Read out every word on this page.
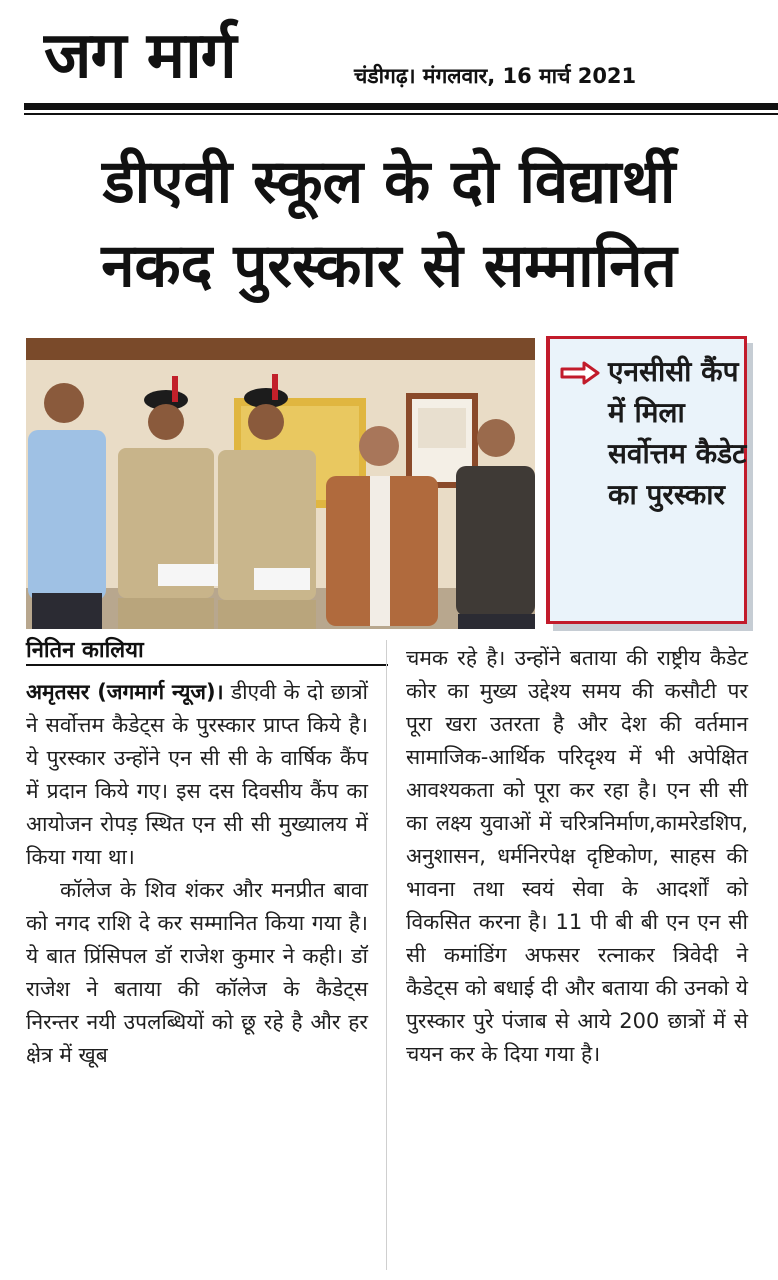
जग मार्ग	चंडीगढ़। मंगलवार, 16 मार्च 2021
डीएवी स्कूल के दो विद्यार्थी
नकद पुरस्कार से सम्मानित
एनसीसी कैंप में मिला सर्वोत्तम कैडेट का पुरस्कार
नितिन कालिया

अमृतसर (जगमार्ग न्यूज)। डीएवी के दो छात्रों ने सर्वोत्तम कैडेट्स के पुरस्कार प्राप्त किये है। ये पुरस्कार उन्होंने एन सी सी के वार्षिक कैंप में प्रदान किये गए। इस दस दिवसीय कैंप का आयोजन रोपड़ स्थित एन सी सी मुख्यालय में किया गया था।

कॉलेज के शिव शंकर और मनप्रीत बावा को नगद राशि दे कर सम्मानित किया गया है। ये बात प्रिंसिपल डॉ राजेश कुमार ने कही। डॉ राजेश ने बताया की कॉलेज के कैडेट्स निरन्तर नयी उपलब्धियों को छू रहे है और हर क्षेत्र में खूब

चमक रहे है। उन्होंने बताया की राष्ट्रीय कैडेट कोर का मुख्य उद्देश्य समय की कसौटी पर पूरा खरा उतरता है और देश की वर्तमान सामाजिक-आर्थिक परिदृश्य में भी अपेक्षित आवश्यकता को पूरा कर रहा है। एन सी सी का लक्ष्य युवाओं में चरित्रनिर्माण,कामरेडशिप, अनुशासन, धर्मनिरपेक्ष दृष्टिकोण, साहस की भावना तथा स्वयं सेवा के आदर्शों को विकसित करना है। 11 पी बी बी एन एन सी सी कमांडिंग अफसर रत्नाकर त्रिवेदी ने कैडेट्स को बधाई दी और बताया की उनको ये पुरस्कार पुरे पंजाब से आये 200 छात्रों में से चयन कर के दिया गया है।
